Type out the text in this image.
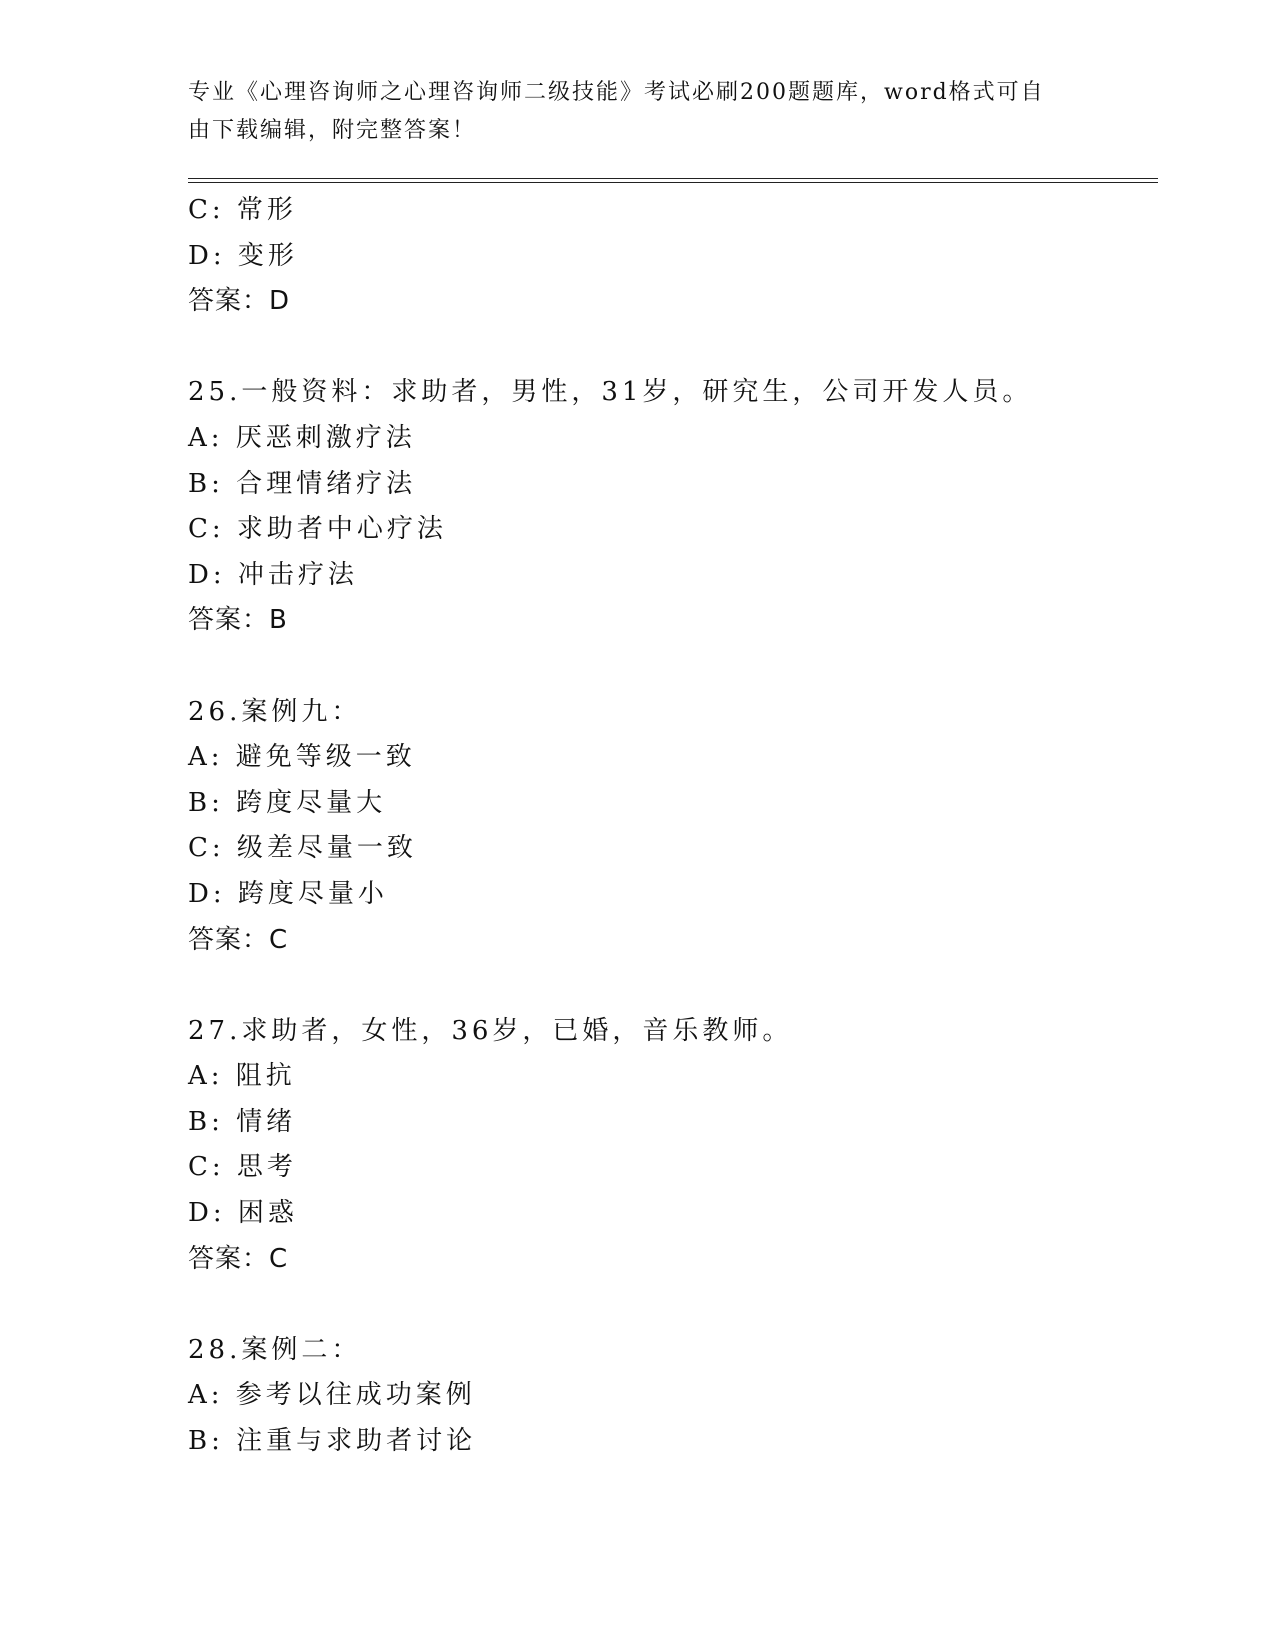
专业《心理咨询师之心理咨询师二级技能》考试必刷200题题库，word格式可自由下载编辑，附完整答案！
C: 常形
D: 变形
答案：D
25.一般资料：求助者，男性，31岁，研究生，公司开发人员。
A: 厌恶刺激疗法
B: 合理情绪疗法
C: 求助者中心疗法
D: 冲击疗法
答案：B
26.案例九：
A: 避免等级一致
B: 跨度尽量大
C: 级差尽量一致
D: 跨度尽量小
答案：C
27.求助者，女性，36岁，已婚，音乐教师。
A: 阻抗
B: 情绪
C: 思考
D: 困惑
答案：C
28.案例二：
A: 参考以往成功案例
B: 注重与求助者讨论
